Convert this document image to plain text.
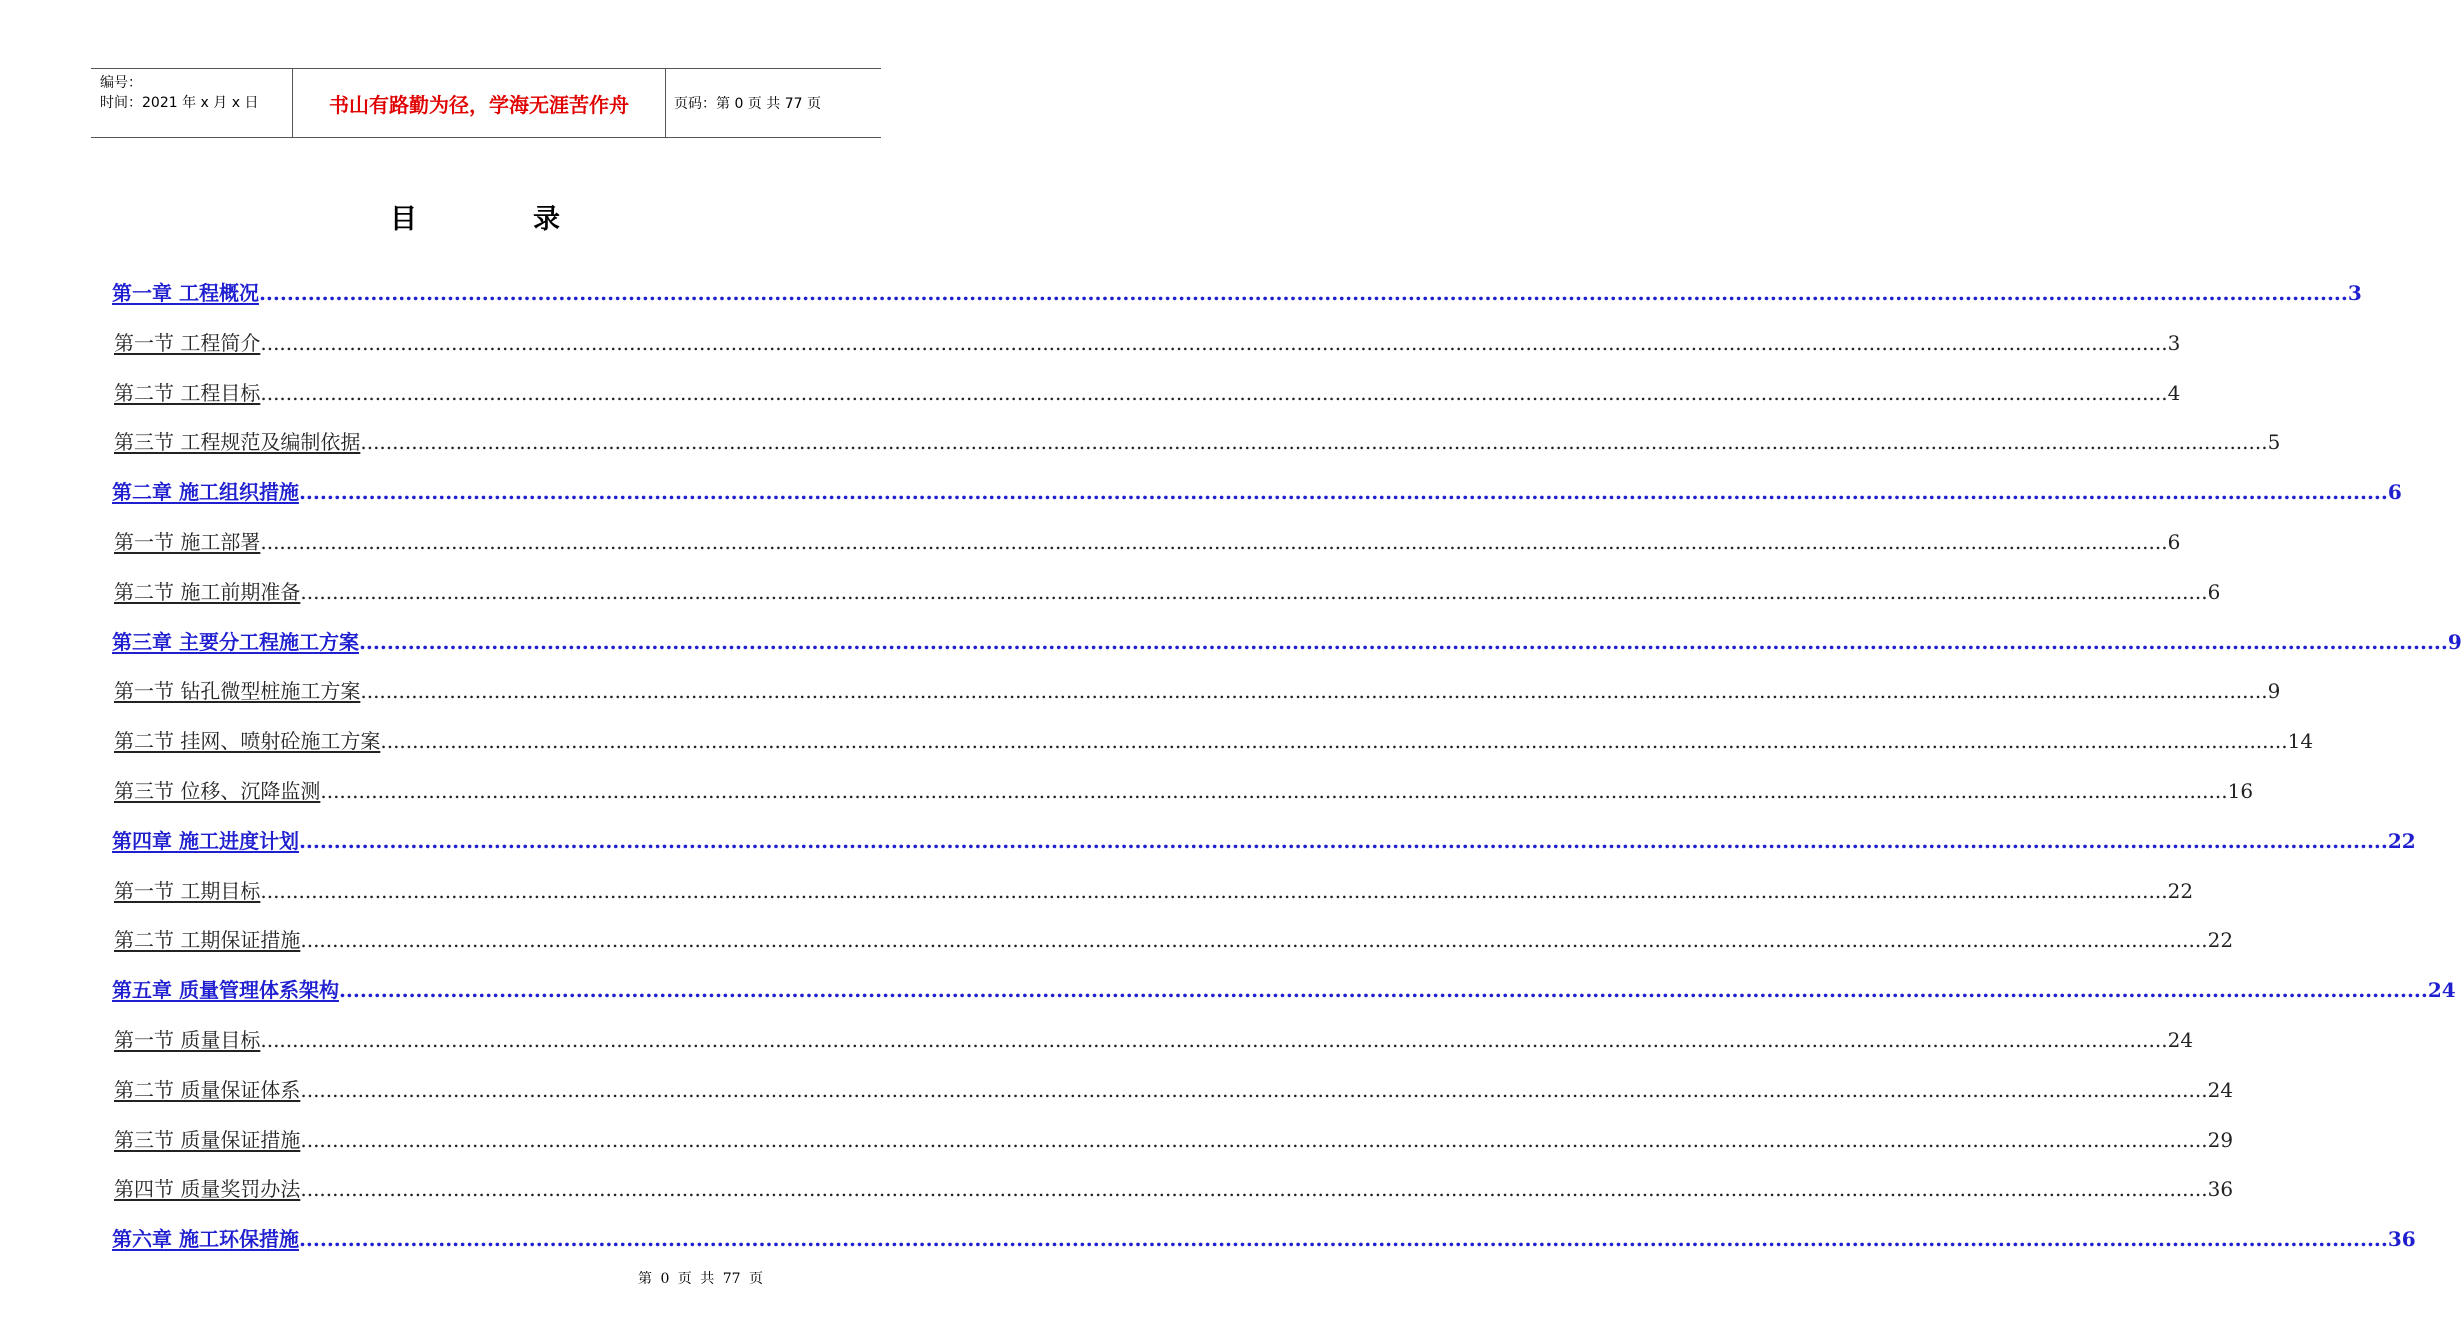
编号：
时间：2021 年 x 月 x 日	书山有路勤为径，学海无涯苦作舟	页码：第 0 页 共 77 页
目	录
第一章 工程概况 ............................................................................................................................................................................................................................................................................................................ 3
第一节 工程简介 ............................................................................................................................................................................................................................................................................................................ 3
第二节 工程目标 ............................................................................................................................................................................................................................................................................................................ 4
第三节 工程规范及编制依据 ............................................................................................................................................................................................................................................................................................................ 5
第二章 施工组织措施 ............................................................................................................................................................................................................................................................................................................ 6
第一节 施工部署 ............................................................................................................................................................................................................................................................................................................ 6
第二节 施工前期准备 ............................................................................................................................................................................................................................................................................................................ 6
第三章 主要分工程施工方案 ............................................................................................................................................................................................................................................................................................................ 9
第一节 钻孔微型桩施工方案 ............................................................................................................................................................................................................................................................................................................ 9
第二节 挂网、喷射砼施工方案 ............................................................................................................................................................................................................................................................................................................ 14
第三节 位移、沉降监测 ............................................................................................................................................................................................................................................................................................................ 16
第四章 施工进度计划 ............................................................................................................................................................................................................................................................................................................ 22
第一节 工期目标 ............................................................................................................................................................................................................................................................................................................ 22
第二节 工期保证措施 ............................................................................................................................................................................................................................................................................................................ 22
第五章 质量管理体系架构 ............................................................................................................................................................................................................................................................................................................ 24
第一节 质量目标 ............................................................................................................................................................................................................................................................................................................ 24
第二节 质量保证体系 ............................................................................................................................................................................................................................................................................................................ 24
第三节 质量保证措施 ............................................................................................................................................................................................................................................................................................................ 29
第四节 质量奖罚办法 ............................................................................................................................................................................................................................................................................................................ 36
第六章 施工环保措施 ............................................................................................................................................................................................................................................................................................................ 36
第 0 页 共 77 页
